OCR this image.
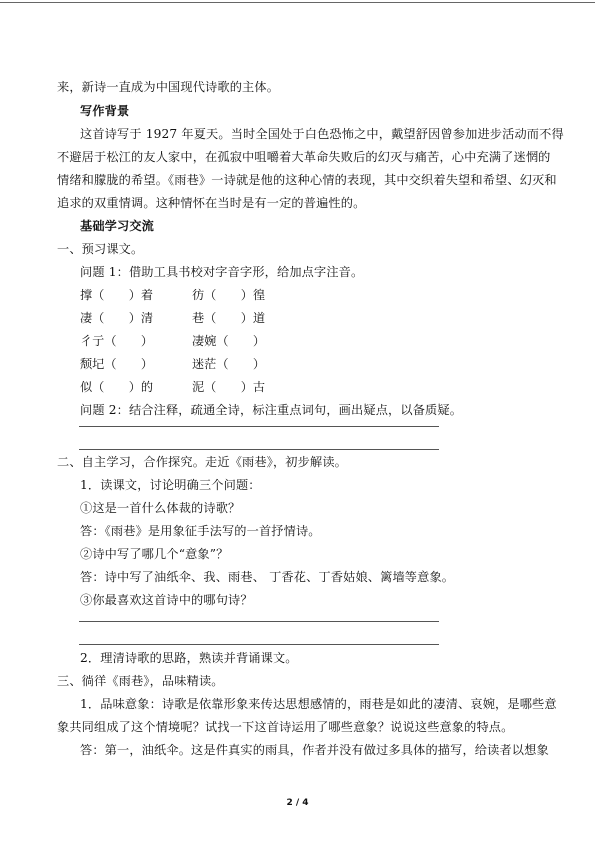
来，新诗一直成为中国现代诗歌的主体。
写作背景
这首诗写于 1927 年夏天。当时全国处于白色恐怖之中，戴望舒因曾参加进步活动而不得
不避居于松江的友人家中，在孤寂中咀嚼着大革命失败后的幻灭与痛苦，心中充满了迷惘的
情绪和朦胧的希望。《雨巷》一诗就是他的这种心情的表现，其中交织着失望和希望、幻灭和
追求的双重情调。这种情怀在当时是有一定的普遍性的。
基础学习交流
一、预习课文。
问题 1：借助工具书校对字音字形，给加点字注音。
撑（　　）着	彷（　　）徨
凄（　　）清	巷（　　）道
彳亍（　　）	凄婉（　　）
颓圮（　　）	迷茫（　　）
似（　　）的	泥（　　）古
问题 2：结合注释，疏通全诗，标注重点词句，画出疑点，以备质疑。
二、自主学习，合作探究。走近《雨巷》，初步解读。
1．读课文，讨论明确三个问题：
①这是一首什么体裁的诗歌？
答：《雨巷》是用象征手法写的一首抒情诗。
②诗中写了哪几个“意象”？
答：诗中写了油纸伞、我、雨巷、 丁香花、丁香姑娘、篱墙等意象。
③你最喜欢这首诗中的哪句诗？
2．理清诗歌的思路，熟读并背诵课文。
三、徜徉《雨巷》，品味精读。
1．品味意象：诗歌是依靠形象来传达思想感情的，雨巷是如此的凄清、哀婉，是哪些意
象共同组成了这个情境呢？试找一下这首诗运用了哪些意象？说说这些意象的特点。
答：第一，油纸伞。这是件真实的雨具，作者并没有做过多具体的描写，给读者以想象
2 / 4
